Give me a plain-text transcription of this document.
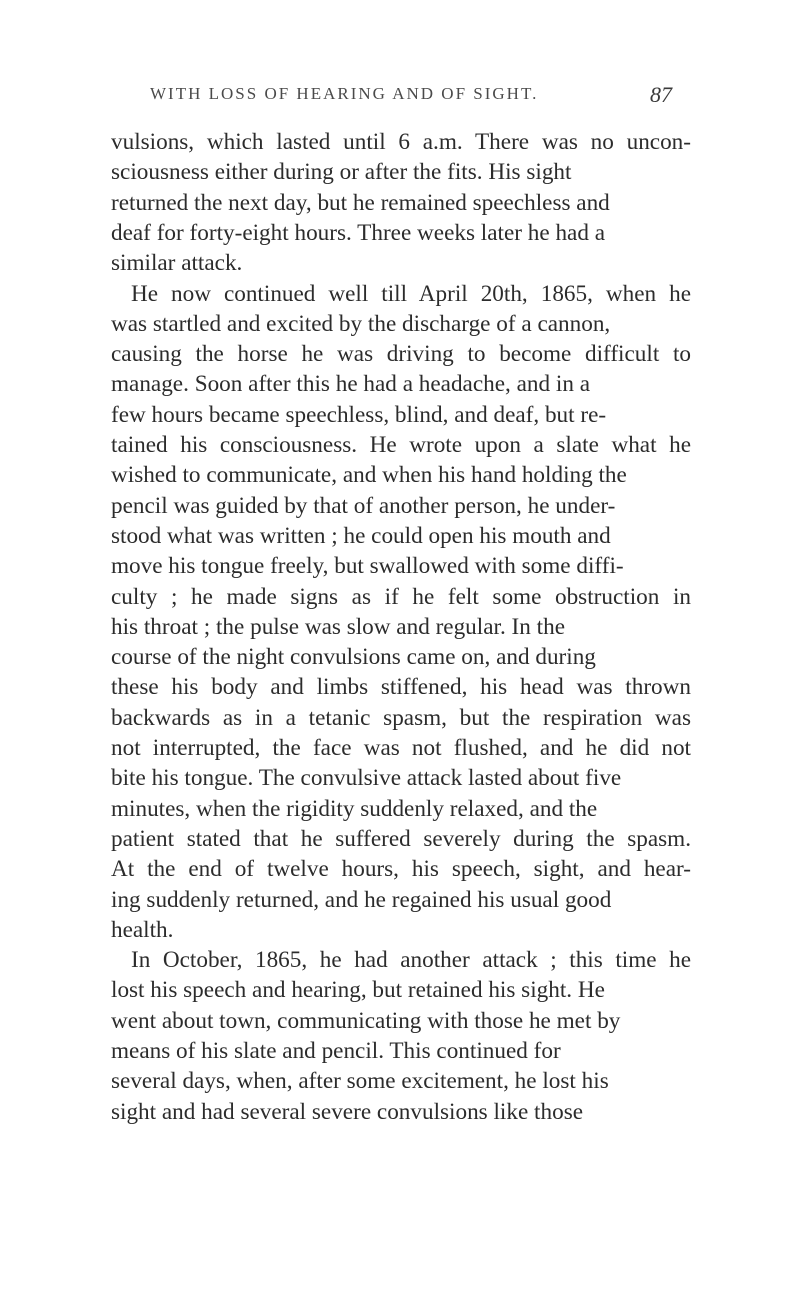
WITH LOSS OF HEARING AND OF SIGHT.	87
vulsions, which lasted until 6 a.m. There was no uncon-
sciousness either during or after the fits. His sight
returned the next day, but he remained speechless and
deaf for forty-eight hours. Three weeks later he had a
similar attack.
He now continued well till April 20th, 1865, when he
was startled and excited by the discharge of a cannon,
causing the horse he was driving to become difficult to
manage. Soon after this he had a headache, and in a
few hours became speechless, blind, and deaf, but re-
tained his consciousness. He wrote upon a slate what he
wished to communicate, and when his hand holding the
pencil was guided by that of another person, he under-
stood what was written ; he could open his mouth and
move his tongue freely, but swallowed with some diffi-
culty ; he made signs as if he felt some obstruction in
his throat ; the pulse was slow and regular. In the
course of the night convulsions came on, and during
these his body and limbs stiffened, his head was thrown
backwards as in a tetanic spasm, but the respiration was
not interrupted, the face was not flushed, and he did not
bite his tongue. The convulsive attack lasted about five
minutes, when the rigidity suddenly relaxed, and the
patient stated that he suffered severely during the spasm.
At the end of twelve hours, his speech, sight, and hear-
ing suddenly returned, and he regained his usual good
health.
In October, 1865, he had another attack ; this time he
lost his speech and hearing, but retained his sight. He
went about town, communicating with those he met by
means of his slate and pencil. This continued for
several days, when, after some excitement, he lost his
sight and had several severe convulsions like those
